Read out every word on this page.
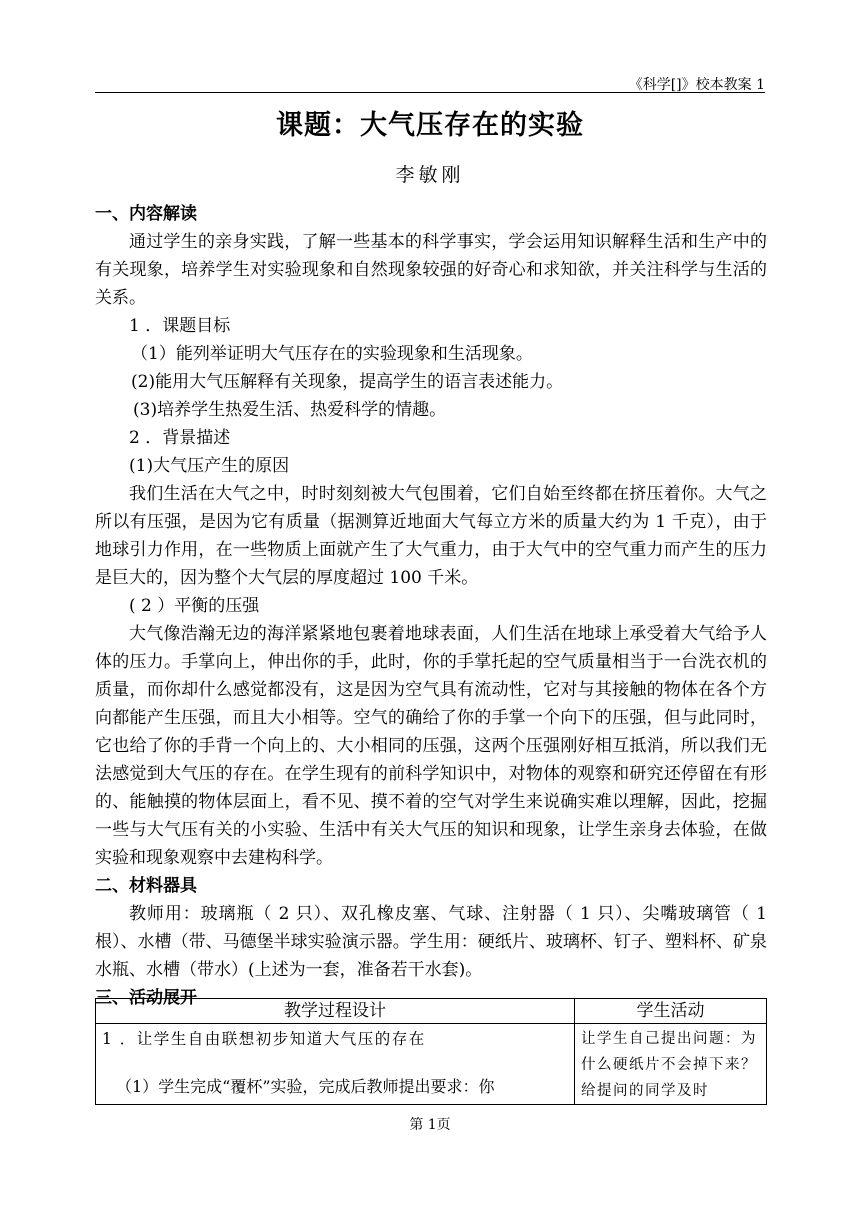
《科学[]》校本教案 1
课题：大气压存在的实验
李敏刚
一、内容解读

通过学生的亲身实践，了解一些基本的科学事实，学会运用知识解释生活和生产中的有关现象，培养学生对实验现象和自然现象较强的好奇心和求知欲，并关注科学与生活的关系。

1 ．课题目标

（1）能列举证明大气压存在的实验现象和生活现象。

(2)能用大气压解释有关现象，提高学生的语言表述能力。

(3)培养学生热爱生活、热爱科学的情趣。

2 ．背景描述

(1)大气压产生的原因

我们生活在大气之中，时时刻刻被大气包围着，它们自始至终都在挤压着你。大气之所以有压强，是因为它有质量（据测算近地面大气每立方米的质量大约为 1 千克），由于地球引力作用，在一些物质上面就产生了大气重力，由于大气中的空气重力而产生的压力是巨大的，因为整个大气层的厚度超过 100 千米。

( 2 ）平衡的压强

大气像浩瀚无边的海洋紧紧地包裹着地球表面，人们生活在地球上承受着大气给予人体的压力。手掌向上，伸出你的手，此时，你的手掌托起的空气质量相当于一台洗衣机的质量，而你却什么感觉都没有，这是因为空气具有流动性，它对与其接触的物体在各个方向都能产生压强，而且大小相等。空气的确给了你的手掌一个向下的压强，但与此同时，它也给了你的手背一个向上的、大小相同的压强，这两个压强刚好相互抵消，所以我们无法感觉到大气压的存在。在学生现有的前科学知识中，对物体的观察和研究还停留在有形的、能触摸的物体层面上，看不见、摸不着的空气对学生来说确实难以理解，因此，挖掘一些与大气压有关的小实验、生活中有关大气压的知识和现象，让学生亲身去体验，在做实验和现象观察中去建构科学。

二、材料器具

教师用：玻璃瓶（ 2 只）、双孔橡皮塞、气球、注射器（ 1 只）、尖嘴玻璃管（ 1 根）、水槽（带、马德堡半球实验演示器。学生用：硬纸片、玻璃杯、钉子、塑料杯、矿泉水瓶、水槽（带水）(上述为一套，准备若干水套)。

三、活动展开
教学过程设计	学生活动

1 ．让学生自由联想初步知道大气压的存在
（1）学生完成“覆杯”实验，完成后教师提出要求：你	让学生自己提出问题：为什么硬纸片不会掉下来？给提问的同学及时
第 1页
